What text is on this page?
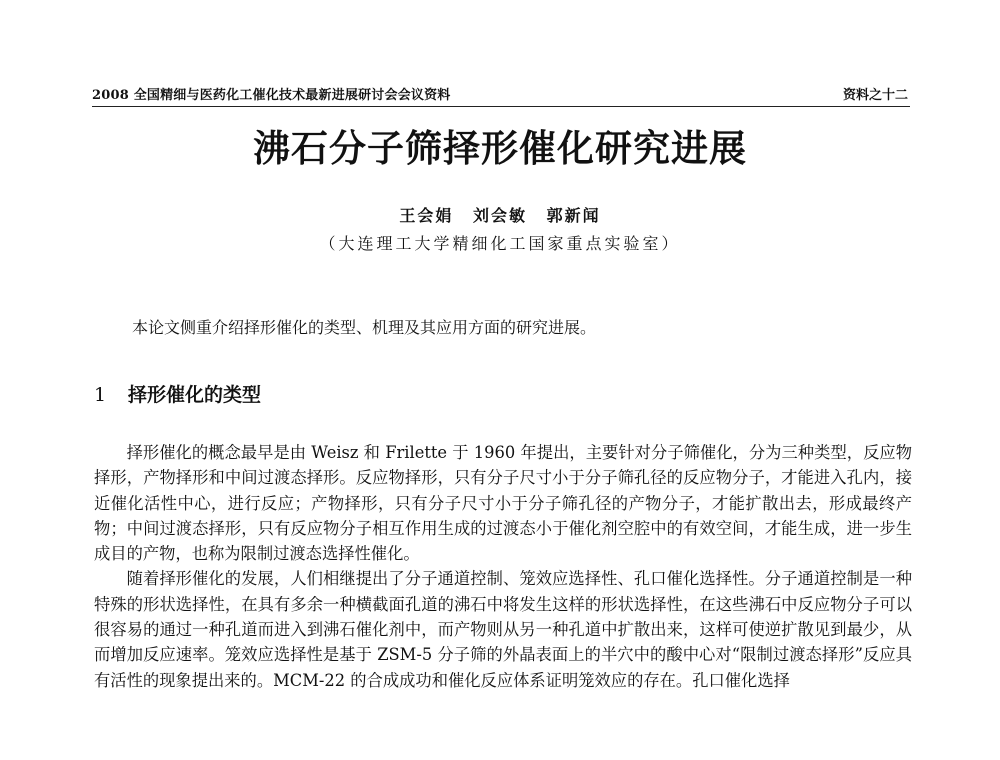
2008 全国精细与医药化工催化技术最新进展研讨会会议资料	资料之十二
沸石分子筛择形催化研究进展
王会娟 刘会敏 郭新闻
（大连理工大学精细化工国家重点实验室）
本论文侧重介绍择形催化的类型、机理及其应用方面的研究进展。
1 择形催化的类型

择形催化的概念最早是由 Weisz 和 Frilette 于 1960 年提出，主要针对分子筛催化，分为三种类型，反应物择形，产物择形和中间过渡态择形。反应物择形，只有分子尺寸小于分子筛孔径的反应物分子，才能进入孔内，接近催化活性中心，进行反应；产物择形，只有分子尺寸小于分子筛孔径的产物分子，才能扩散出去，形成最终产物；中间过渡态择形，只有反应物分子相互作用生成的过渡态小于催化剂空腔中的有效空间，才能生成，进一步生成目的产物，也称为限制过渡态选择性催化。

随着择形催化的发展，人们相继提出了分子通道控制、笼效应选择性、孔口催化选择性。分子通道控制是一种特殊的形状选择性，在具有多余一种横截面孔道的沸石中将发生这样的形状选择性，在这些沸石中反应物分子可以很容易的通过一种孔道而进入到沸石催化剂中，而产物则从另一种孔道中扩散出来，这样可使逆扩散见到最少，从而增加反应速率。笼效应选择性是基于 ZSM-5 分子筛的外晶表面上的半穴中的酸中心对“限制过渡态择形”反应具有活性的现象提出来的。MCM-22 的合成成功和催化反应体系证明笼效应的存在。孔口催化选择
